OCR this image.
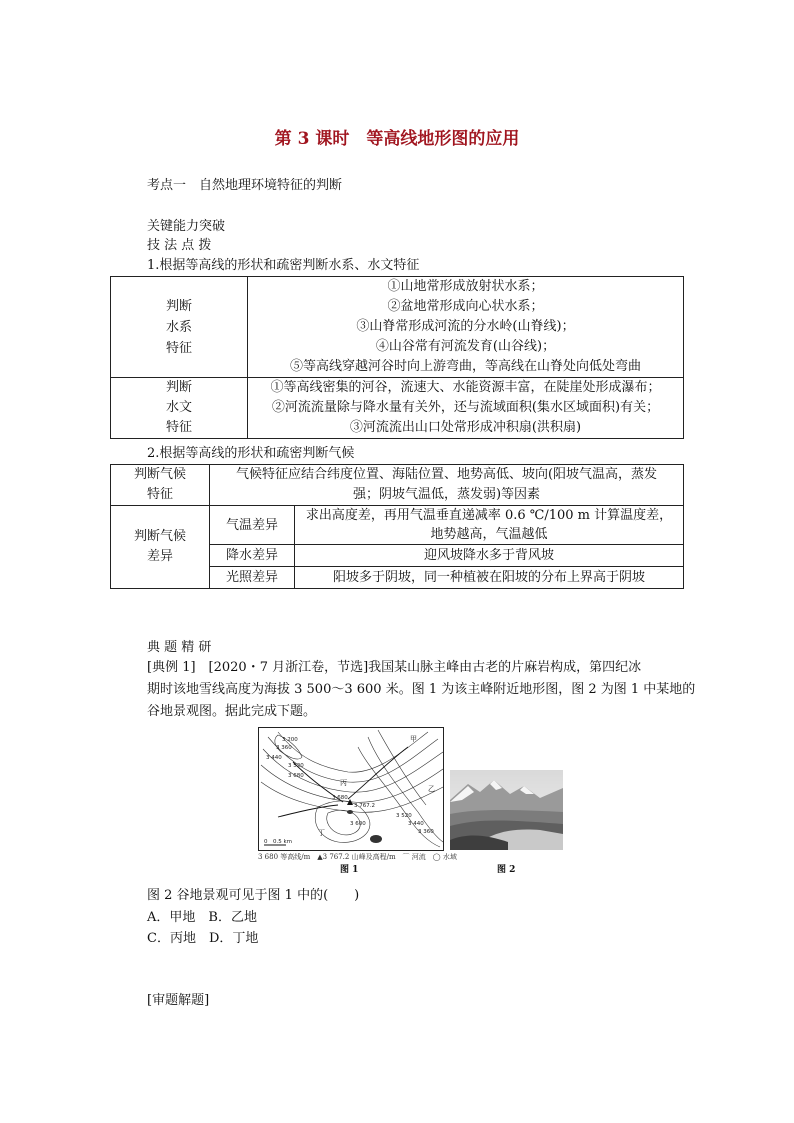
第 3 课时　等高线地形图的应用
考点一　自然地理环境特征的判断
关键能力突破
技 法 点 拨
1.根据等高线的形状和疏密判断水系、水文特征
判断
水系
特征	①山地常形成放射状水系；
②盆地常形成向心状水系；
③山脊常形成河流的分水岭(山脊线)；
④山谷常有河流发育(山谷线)；
⑤等高线穿越河谷时向上游弯曲，等高线在山脊处向低处弯曲

判断
水文
特征	①等高线密集的河谷，流速大、水能资源丰富，在陡崖处形成瀑布；
②河流流量除与降水量有关外，还与流域面积(集水区域面积)有关；
③河流流出山口处常形成冲积扇(洪积扇)
2.根据等高线的形状和疏密判断气候
判断气候
特征	气候特征应结合纬度位置、海陆位置、地势高低、坡向(阳坡气温高，蒸发
强；阴坡气温低，蒸发弱)等因素	

判断气候
差异	气温差异	求出高度差，再用气温垂直递减率 0.6 ℃/100 m 计算温度差，
地势越高，气温越低

	降水差异	迎风坡降水多于背风坡
	光照差异	阳坡多于阴坡，同一种植被在阳坡的分布上界高于阴坡
典 题 精 研
[典例 1]　[2020・7 月浙江卷，节选]我国某山脉主峰由古老的片麻岩构成，第四纪冰
期时该地雪线高度为海拔 3 500～3 600 米。图 1 为该主峰附近地形图，图 2 为图 1 中某地的
谷地景观图。据此完成下题。
甲
乙
丙
丁
3 200
3 360
3 440
3 520
3 680
3 767.2
3 600
3 680
3 520
3 440
3 360
0　0.5 km
图 1	图 2
3 680 等高线/m　▲3 767.2 山峰及高程/m　⌒ 河流　◯ 水域
图 2 谷地景观可见于图 1 中的(　　)
A．甲地　B．乙地
C．丙地　D．丁地
[审题解题]
